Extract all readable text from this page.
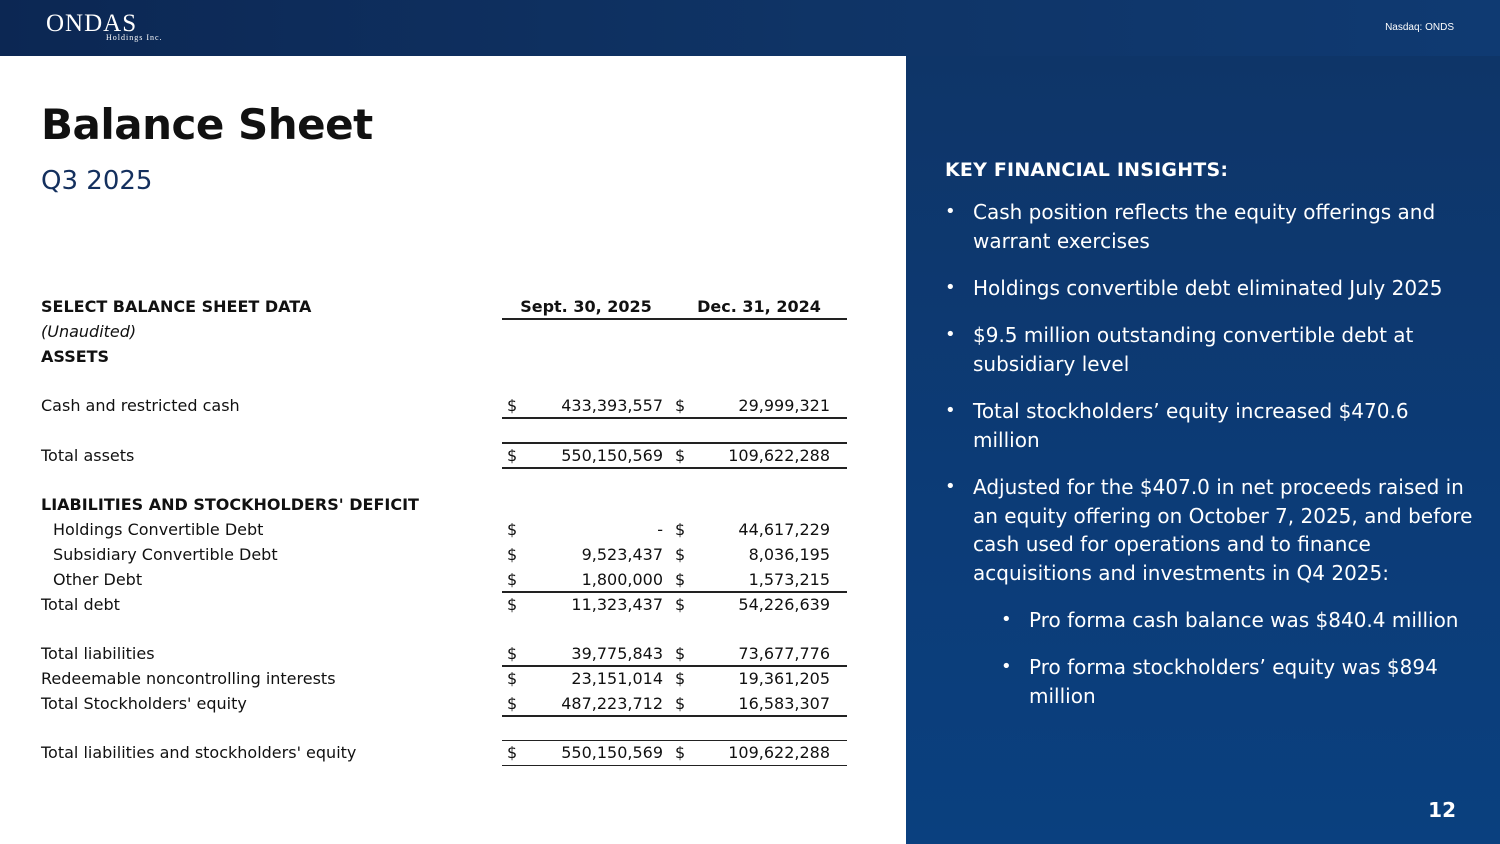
ONDAS
Holdings Inc.
Nasdaq: ONDS
Balance Sheet
Q3 2025
SELECT BALANCE SHEET DATA	Sept. 30, 2025	Dec. 31, 2024
(Unaudited)
ASSETS
Cash and restricted cash	$	433,393,557 $	29,999,321
Total assets	$	550,150,569 $	109,622,288
LIABILITIES AND STOCKHOLDERS' DEFICIT
Holdings Convertible Debt	$	- $	44,617,229
Subsidiary Convertible Debt	$	9,523,437 $	8,036,195
Other Debt	$	1,800,000 $	1,573,215
Total debt	$	11,323,437 $	54,226,639
Total liabilities	$	39,775,843 $	73,677,776
Redeemable noncontrolling interests	$	23,151,014 $	19,361,205
Total Stockholders' equity	$	487,223,712 $	16,583,307
Total liabilities and stockholders' equity	$	550,150,569 $	109,622,288
KEY FINANCIAL INSIGHTS:
• Cash position reflects the equity offerings and warrant exercises
• Holdings convertible debt eliminated July 2025
• $9.5 million outstanding convertible debt at subsidiary level
• Total stockholders’ equity increased $470.6 million
• Adjusted for the $407.0 in net proceeds raised in an equity offering on October 7, 2025, and before cash used for operations and to finance acquisitions and investments in Q4 2025:
• Pro forma cash balance was $840.4 million
• Pro forma stockholders’ equity was $894 million
12
